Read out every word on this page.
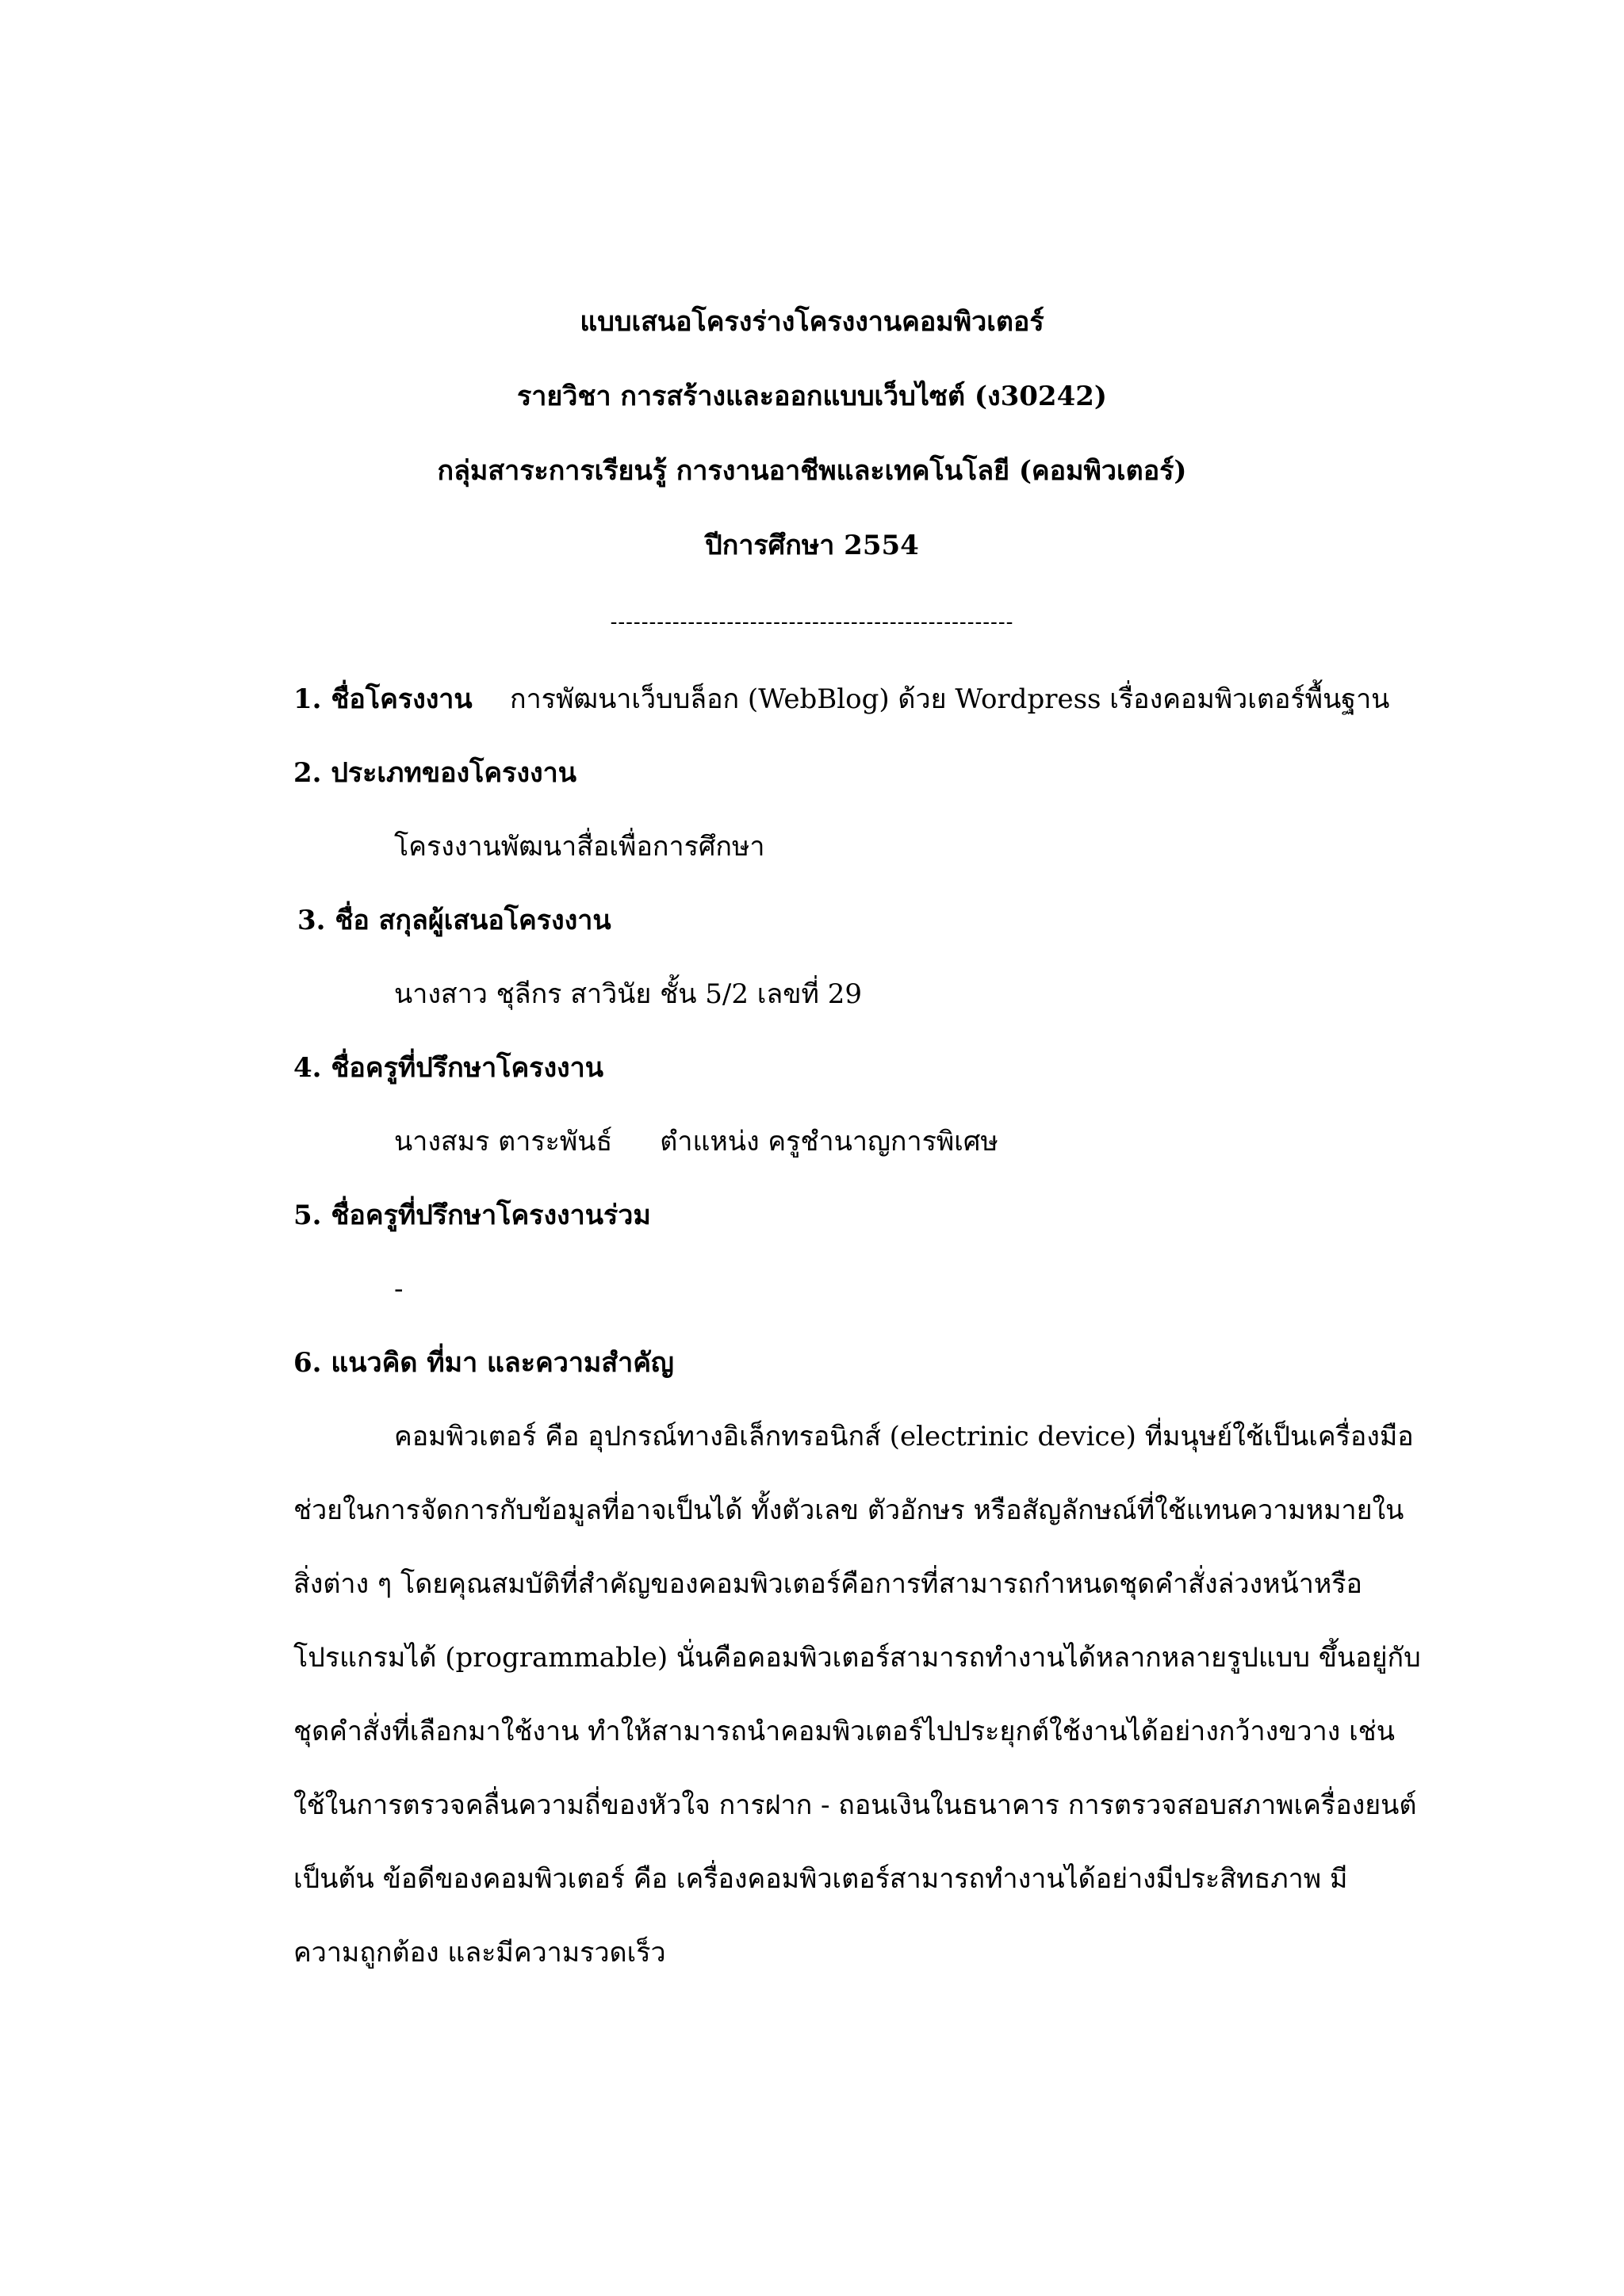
แบบเสนอโครงร่างโครงงานคอมพิวเตอร์
รายวิชา การสร้างและออกแบบเว็บไซต์ (ง30242)
กลุ่มสาระการเรียนรู้ การงานอาชีพและเทคโนโลยี (คอมพิวเตอร์)
ปีการศึกษา 2554
----------------------------------------------------
1. ชื่อโครงงาน การพัฒนาเว็บบล็อก (WebBlog) ด้วย Wordpress เรื่องคอมพิวเตอร์พื้นฐาน
2. ประเภทของโครงงาน
โครงงานพัฒนาสื่อเพื่อการศึกษา
3. ชื่อ สกุลผู้เสนอโครงงาน
นางสาว ชุลีกร สาวินัย ชั้น 5/2 เลขที่ 29
4. ชื่อครูที่ปรึกษาโครงงาน
นางสมร ตาระพันธ์ ตำแหน่ง ครูชำนาญการพิเศษ
5. ชื่อครูที่ปรึกษาโครงงานร่วม
-
6. แนวคิด ที่มา และความสำคัญ
คอมพิวเตอร์ คือ อุปกรณ์ทางอิเล็กทรอนิกส์ (electrinic device) ที่มนุษย์ใช้เป็นเครื่องมือ
ช่วยในการจัดการกับข้อมูลที่อาจเป็นได้ ทั้งตัวเลข ตัวอักษร หรือสัญลักษณ์ที่ใช้แทนความหมายใน
สิ่งต่าง ๆ โดยคุณสมบัติที่สำคัญของคอมพิวเตอร์คือการที่สามารถกำหนดชุดคำสั่งล่วงหน้าหรือ
โปรแกรมได้ (programmable) นั่นคือคอมพิวเตอร์สามารถทำงานได้หลากหลายรูปแบบ ขึ้นอยู่กับ
ชุดคำสั่งที่เลือกมาใช้งาน ทำให้สามารถนำคอมพิวเตอร์ไปประยุกต์ใช้งานได้อย่างกว้างขวาง เช่น
ใช้ในการตรวจคลื่นความถี่ของหัวใจ การฝาก - ถอนเงินในธนาคาร การตรวจสอบสภาพเครื่องยนต์
เป็นต้น ข้อดีของคอมพิวเตอร์ คือ เครื่องคอมพิวเตอร์สามารถทำงานได้อย่างมีประสิทธภาพ มี
ความถูกต้อง และมีความรวดเร็ว
